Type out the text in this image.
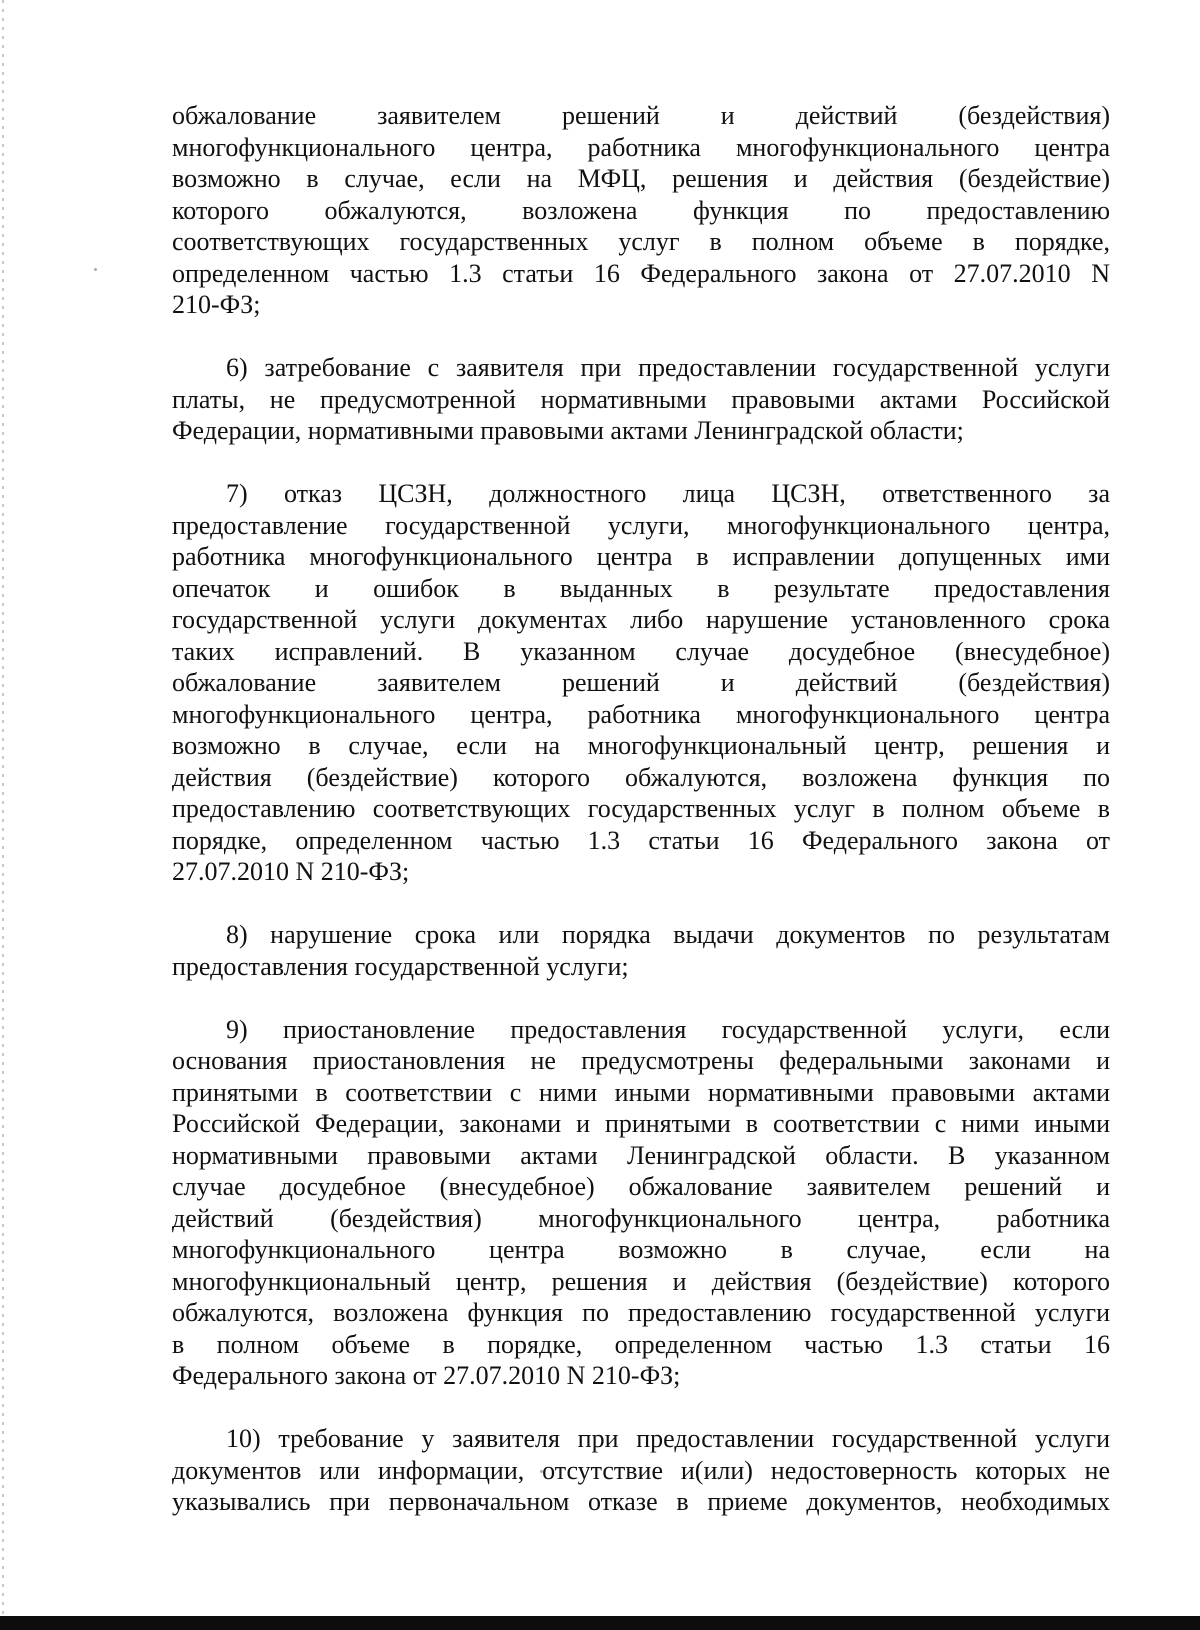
обжалование заявителем решений и действий (бездействия)
многофункционального центра, работника многофункционального центра
возможно в случае, если на МФЦ, решения и действия (бездействие)
которого обжалуются, возложена функция по предоставлению
соответствующих государственных услуг в полном объеме в порядке,
определенном частью 1.3 статьи 16 Федерального закона от 27.07.2010 N
210-ФЗ;
6) затребование с заявителя при предоставлении государственной услуги
платы, не предусмотренной нормативными правовыми актами Российской
Федерации, нормативными правовыми актами Ленинградской области;
7) отказ ЦСЗН, должностного лица ЦСЗН, ответственного за
предоставление государственной услуги, многофункционального центра,
работника многофункционального центра в исправлении допущенных ими
опечаток и ошибок в выданных в результате предоставления
государственной услуги документах либо нарушение установленного срока
таких исправлений. В указанном случае досудебное (внесудебное)
обжалование заявителем решений и действий (бездействия)
многофункционального центра, работника многофункционального центра
возможно в случае, если на многофункциональный центр, решения и
действия (бездействие) которого обжалуются, возложена функция по
предоставлению соответствующих государственных услуг в полном объеме в
порядке, определенном частью 1.3 статьи 16 Федерального закона от
27.07.2010 N 210-ФЗ;
8) нарушение срока или порядка выдачи документов по результатам
предоставления государственной услуги;
9) приостановление предоставления государственной услуги, если
основания приостановления не предусмотрены федеральными законами и
принятыми в соответствии с ними иными нормативными правовыми актами
Российской Федерации, законами и принятыми в соответствии с ними иными
нормативными правовыми актами Ленинградской области. В указанном
случае досудебное (внесудебное) обжалование заявителем решений и
действий (бездействия) многофункционального центра, работника
многофункционального центра возможно в случае, если на
многофункциональный центр, решения и действия (бездействие) которого
обжалуются, возложена функция по предоставлению государственной услуги
в полном объеме в порядке, определенном частью 1.3 статьи 16
Федерального закона от 27.07.2010 N 210-ФЗ;
10) требование у заявителя при предоставлении государственной услуги
документов или информации, отсутствие и(или) недостоверность которых не
указывались при первоначальном отказе в приеме документов, необходимых
